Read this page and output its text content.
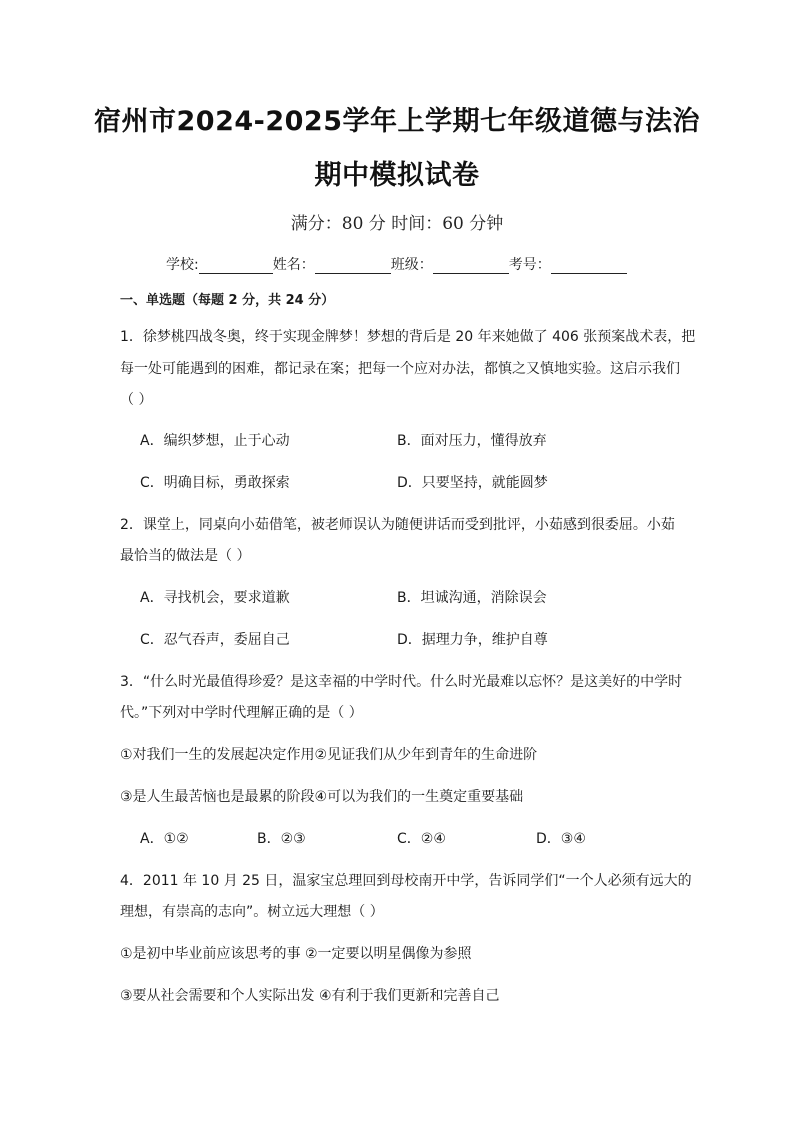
宿州市2024-2025学年上学期七年级道德与法治
期中模拟试卷
满分：80 分 时间：60 分钟
学校:	姓名：	班级：	考号：
一、单选题（每题 2 分，共 24 分）
1．徐梦桃四战冬奥，终于实现金牌梦！梦想的背后是 20 年来她做了 406 张预案战术表，把
每一处可能遇到的困难，都记录在案；把每一个应对办法，都慎之又慎地实验。这启示我们
（ ）
A．编织梦想，止于心动	B．面对压力，懂得放弃
C．明确目标，勇敢探索	D．只要坚持，就能圆梦
2．课堂上，同桌向小茹借笔，被老师误认为随便讲话而受到批评，小茹感到很委屈。小茹
最恰当的做法是（ ）
A．寻找机会，要求道歉	B．坦诚沟通，消除误会
C．忍气吞声，委屈自己	D．据理力争，维护自尊
3．“什么时光最值得珍爱？是这幸福的中学时代。什么时光最难以忘怀？是这美好的中学时
代。”下列对中学时代理解正确的是（ ）
①对我们一生的发展起决定作用②见证我们从少年到青年的生命进阶
③是人生最苦恼也是最累的阶段④可以为我们的一生奠定重要基础
A．①②	B．②③	C．②④	D．③④
4．2011 年 10 月 25 日，温家宝总理回到母校南开中学，告诉同学们“一个人必须有远大的
理想，有崇高的志向”。树立远大理想（ ）
①是初中毕业前应该思考的事 ②一定要以明星偶像为参照
③要从社会需要和个人实际出发 ④有利于我们更新和完善自己
